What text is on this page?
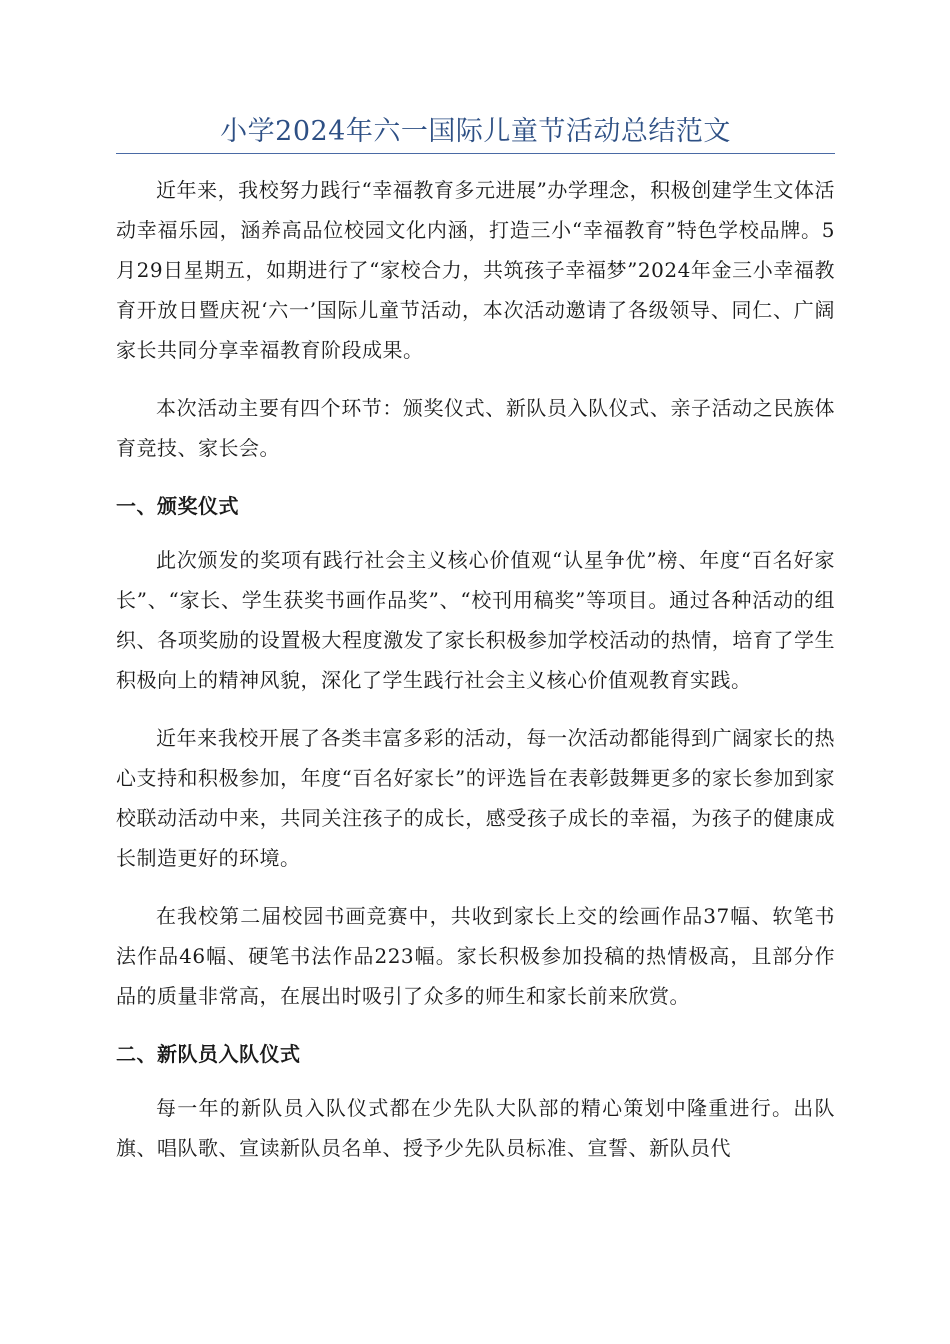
小学2024年六一国际儿童节活动总结范文

近年来，我校努力践行“幸福教育多元进展”办学理念，积极创建学生文体活动幸福乐园，涵养高品位校园文化内涵，打造三小“幸福教育”特色学校品牌。5月29日星期五，如期进行了“家校合力，共筑孩子幸福梦”2024年金三小幸福教育开放日暨庆祝‘六一’国际儿童节活动，本次活动邀请了各级领导、同仁、广阔家长共同分享幸福教育阶段成果。

本次活动主要有四个环节：颁奖仪式、新队员入队仪式、亲子活动之民族体育竞技、家长会。

一、颁奖仪式

此次颁发的奖项有践行社会主义核心价值观“认星争优”榜、年度“百名好家长”、“家长、学生获奖书画作品奖”、“校刊用稿奖”等项目。通过各种活动的组织、各项奖励的设置极大程度激发了家长积极参加学校活动的热情，培育了学生积极向上的精神风貌，深化了学生践行社会主义核心价值观教育实践。

近年来我校开展了各类丰富多彩的活动，每一次活动都能得到广阔家长的热心支持和积极参加，年度“百名好家长”的评选旨在表彰鼓舞更多的家长参加到家校联动活动中来，共同关注孩子的成长，感受孩子成长的幸福，为孩子的健康成长制造更好的环境。

在我校第二届校园书画竞赛中，共收到家长上交的绘画作品37幅、软笔书法作品46幅、硬笔书法作品223幅。家长积极参加投稿的热情极高，且部分作品的质量非常高，在展出时吸引了众多的师生和家长前来欣赏。

二、新队员入队仪式

每一年的新队员入队仪式都在少先队大队部的精心策划中隆重进行。出队旗、唱队歌、宣读新队员名单、授予少先队员标准、宣誓、新队员代
